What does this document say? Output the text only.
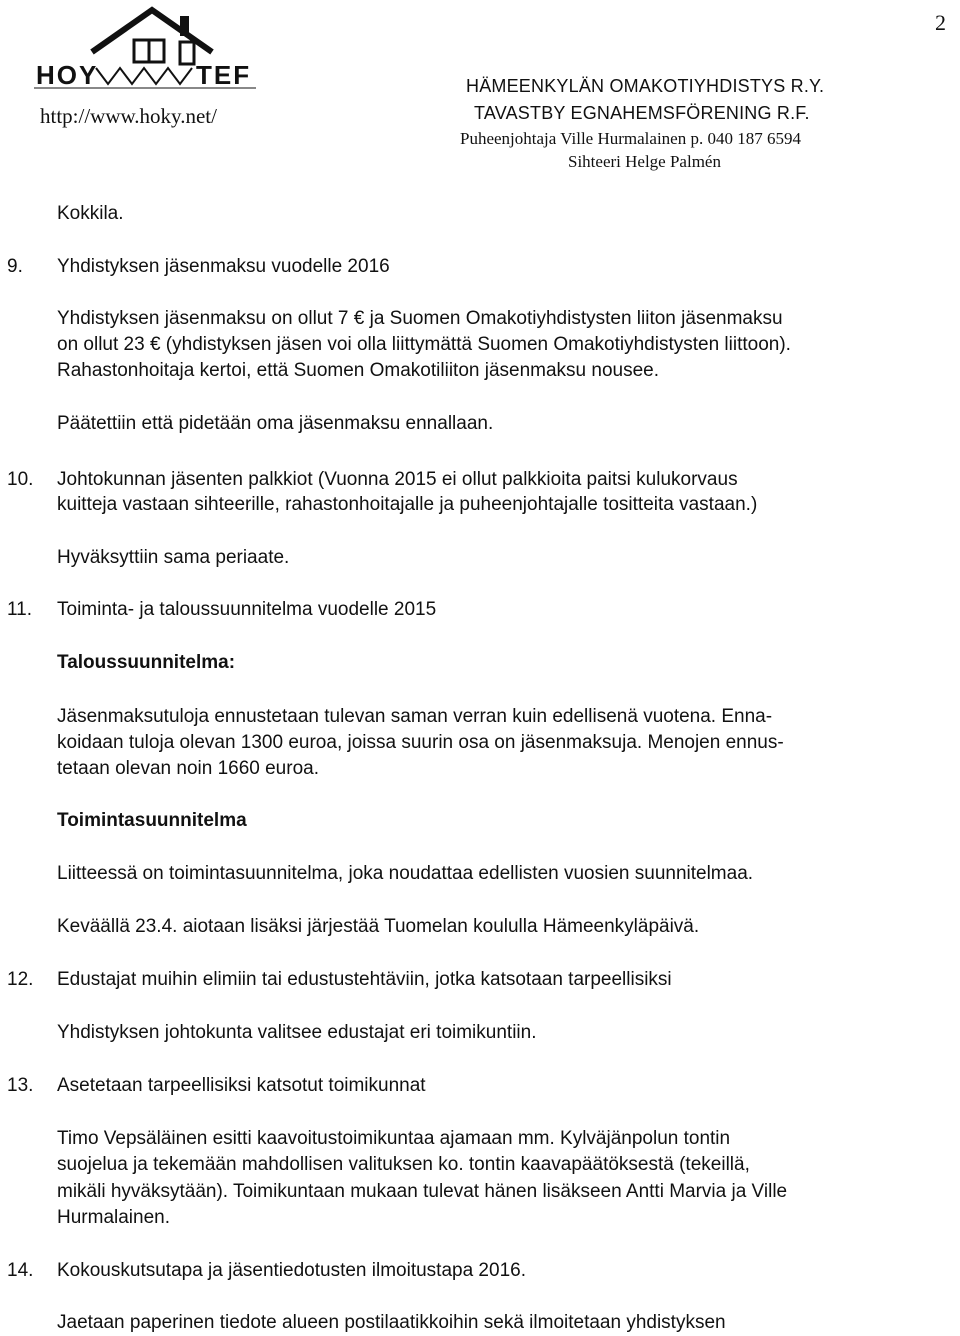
2
HOY	TEF
http://www.hoky.net/
HÄMEENKYLÄN OMAKOTIYHDISTYS R.Y.
TAVASTBY EGNAHEMSFÖRENING R.F.
Puheenjohtaja Ville Hurmalainen p. 040 187 6594
Sihteeri Helge Palmén
Kokkila.
9. Yhdistyksen jäsenmaksu vuodelle 2016
Yhdistyksen jäsenmaksu on ollut 7 € ja Suomen Omakotiyhdistysten liiton jäsenmaksu
on ollut 23 € (yhdistyksen jäsen voi olla liittymättä Suomen Omakotiyhdistysten liittoon).
Rahastonhoitaja kertoi, että Suomen Omakotiliiton jäsenmaksu nousee.
Päätettiin että pidetään oma jäsenmaksu ennallaan.
10. Johtokunnan jäsenten palkkiot (Vuonna 2015 ei ollut palkkioita paitsi kulukorvaus
kuitteja vastaan sihteerille, rahastonhoitajalle ja puheenjohtajalle tositteita vastaan.)
Hyväksyttiin sama periaate.
11. Toiminta- ja taloussuunnitelma vuodelle 2015
Taloussuunnitelma:
Jäsenmaksutuloja ennustetaan tulevan saman verran kuin edellisenä vuotena. Enna-
koidaan tuloja olevan 1300 euroa, joissa suurin osa on jäsenmaksuja. Menojen ennus-
tetaan olevan noin 1660 euroa.
Toimintasuunnitelma
Liitteessä on toimintasuunnitelma, joka noudattaa edellisten vuosien suunnitelmaa.
Keväällä 23.4. aiotaan lisäksi järjestää Tuomelan koululla Hämeenkyläpäivä.
12. Edustajat muihin elimiin tai edustustehtäviin, jotka katsotaan tarpeellisiksi
Yhdistyksen johtokunta valitsee edustajat eri toimikuntiin.
13. Asetetaan tarpeellisiksi katsotut toimikunnat
Timo Vepsäläinen esitti kaavoitustoimikuntaa ajamaan mm. Kylväjänpolun tontin
suojelua ja tekemään mahdollisen valituksen ko. tontin kaavapäätöksestä (tekeillä,
mikäli hyväksytään). Toimikuntaan mukaan tulevat hänen lisäkseen Antti Marvia ja Ville
Hurmalainen.
14. Kokouskutsutapa ja jäsentiedotusten ilmoitustapa 2016.
Jaetaan paperinen tiedote alueen postilaatikkoihin sekä ilmoitetaan yhdistyksen
